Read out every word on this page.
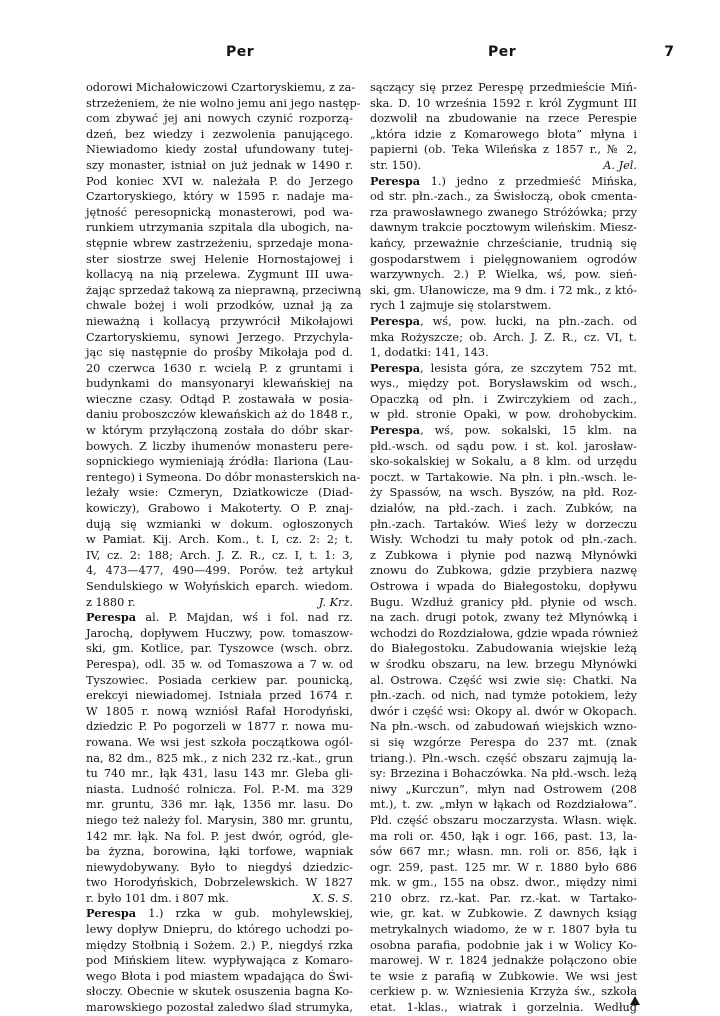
Per	Per	7
odorowi Michałowiczowi Czartoryskiemu, z za-
strzeżeniem, że nie wolno jemu ani jego następ-
com zbywać jej ani nowych czynić rozporzą-
dzeń, bez wiedzy i zezwolenia panującego.
Niewiadomo kiedy został ufundowany tutej-
szy monaster, istniał on już jednak w 1490 r.
Pod koniec XVI w. należała P. do Jerzego
Czartoryskiego, który w 1595 r. nadaje ma-
jętność peresopnicką monasterowi, pod wa-
runkiem utrzymania szpitala dla ubogich, na-
stępnie wbrew zastrzeżeniu, sprzedaje mona-
ster siostrze swej Helenie Hornostajowej i
kollacyą na nią przelewa. Zygmunt III uwa-
żając sprzedaż takową za nieprawną, przeciwną
chwale bożej i woli przodków, uznał ją za
nieważną i kollacyą przywrócił Mikołajowi
Czartoryskiemu, synowi Jerzego. Przychyla-
jąc się następnie do prośby Mikołaja pod d.
20 czerwca 1630 r. wcielą P. z gruntami i
budynkami do mansyonaryi klewańskiej na
wieczne czasy. Odtąd P. zostawała w posia-
daniu proboszczów klewańskich aż do 1848 r.,
w którym przyłączoną została do dóbr skar-
bowych. Z liczby ihumenów monasteru pere-
sopnickiego wymieniają źródła: Ilariona (Lau-
rentego) i Symeona. Do dóbr monasterskich na-
leżały wsie: Czmeryn, Dziatkowicze (Diad-
kowiczy), Grabowo i Makoterty. O P. znaj-
dują się wzmianki w dokum. ogłoszonych
w Pamiat. Kij. Arch. Kom., t. I, cz. 2: 2; t.
IV, cz. 2: 188; Arch. J. Z. R., cz. I, t. 1: 3,
4, 473—477, 490—499. Porów. też artykuł
Sendulskiego w Wołyńskich eparch. wiedom.
z 1880 r.	J. Krz.
Perespa al. P. Majdan, wś i fol. nad rz.
Jarochą, dopływem Huczwy, pow. tomaszow-
ski, gm. Kotlice, par. Tyszowce (wsch. obrz.
Perespa), odl. 35 w. od Tomaszowa a 7 w. od
Tyszowiec. Posiada cerkiew par. pounicką,
erekcyi niewiadomej. Istniała przed 1674 r.
W 1805 r. nową wzniósł Rafał Horodyński,
dziedzic P. Po pogorzeli w 1877 r. nowa mu-
rowana. We wsi jest szkoła początkowa ogól-
na, 82 dm., 825 mk., z nich 232 rz.-kat., grun
tu 740 mr., łąk 431, lasu 143 mr. Gleba gli-
niasta. Ludność rolnicza. Fol. P.-M. ma 329
mr. gruntu, 336 mr. łąk, 1356 mr. lasu. Do
niego też należy fol. Marysin, 380 mr. gruntu,
142 mr. łąk. Na fol. P. jest dwór, ogród, gle-
ba żyzna, borowina, łąki torfowe, wapniak
niewydobywany. Było to niegdyś dziedzic-
two Horodyńskich, Dobrzelewskich. W 1827
r. było 101 dm. i 807 mk.	X. S. S.
Perespa 1.) rzka w gub. mohylewskiej,
lewy dopływ Dniepru, do którego uchodzi po-
między Stołbnią i Sożem. 2.) P., niegdyś rzka
pod Mińskiem litew. wypływająca z Komaro-
wego Błota i pod miastem wpadająca do Świ-
słoczy. Obecnie w skutek osuszenia bagna Ko-
marowskiego pozostał zaledwo ślad strumyka,
sączący się przez Perespę przedmieście Miń-
ska. D. 10 września 1592 r. król Zygmunt III
dozwolił na zbudowanie na rzece Perespie
„która idzie z Komarowego błota” młyna i
papierni (ob. Teka Wileńska z 1857 r., № 2,
str. 150).	A. Jel.
Perespa 1.) jedno z przedmieść Mińska,
od str. płn.-zach., za Świsłoczą, obok cmenta-
rza prawosławnego zwanego Stróżówka; przy
dawnym trakcie pocztowym wileńskim. Miesz-
kańcy, przeważnie chrześcianie, trudnią się
gospodarstwem i pielęgnowaniem ogrodów
warzywnych. 2.) P. Wielka, wś, pow. sień-
ski, gm. Ułanowicze, ma 9 dm. i 72 mk., z któ-
rych 1 zajmuje się stolarstwem.
Perespa, wś, pow. łucki, na płn.-zach. od
mka Rożyszcze; ob. Arch. J. Z. R., cz. VI, t.
1, dodatki: 141, 143.
Perespa, lesista góra, ze szczytem 752 mt.
wys., między pot. Borysławskim od wsch.,
Opaczką od płn. i Zwirczykiem od zach.,
w płd. stronie Opaki, w pow. drohobyckim.
Perespa, wś, pow. sokalski, 15 klm. na
płd.-wsch. od sądu pow. i st. kol. jarosław-
sko-sokalskiej w Sokalu, a 8 klm. od urzędu
poczt. w Tartakowie. Na płn. i płn.-wsch. le-
ży Spassów, na wsch. Byszów, na płd. Roz-
działów, na płd.-zach. i zach. Zubków, na
płn.-zach. Tartaków. Wieś leży w dorzeczu
Wisły. Wchodzi tu mały potok od płn.-zach.
z Zubkowa i płynie pod nazwą Młynówki
znowu do Zubkowa, gdzie przybiera nazwę
Ostrowa i wpada do Białegostoku, dopływu
Bugu. Wzdłuż granicy płd. płynie od wsch.
na zach. drugi potok, zwany też Młynówką i
wchodzi do Rozdziałowa, gdzie wpada również
do Białegostoku. Zabudowania wiejskie leżą
w środku obszaru, na lew. brzegu Młynówki
al. Ostrowa. Część wsi zwie się: Chatki. Na
płn.-zach. od nich, nad tymże potokiem, leży
dwór i część wsi: Okopy al. dwór w Okopach.
Na płn.-wsch. od zabudowań wiejskich wzno-
si się wzgórze Perespa do 237 mt. (znak
triang.). Płn.-wsch. część obszaru zajmują la-
sy: Brzezina i Bohaczówka. Na płd.-wsch. leżą
niwy „Kurczun”, młyn nad Ostrowem (208
mt.), t. zw. „młyn w łąkach od Rozdziałowa”.
Płd. część obszaru moczarzysta. Własn. więk.
ma roli or. 450, łąk i ogr. 166, past. 13, la-
sów 667 mr.; własn. mn. roli or. 856, łąk i
ogr. 259, past. 125 mr. W r. 1880 było 686
mk. w gm., 155 na obsz. dwor., między nimi
210 obrz. rz.-kat. Par. rz.-kat. w Tartako-
wie, gr. kat. w Zubkowie. Z dawnych ksiąg
metrykalnych wiadomo, że w r. 1807 była tu
osobna parafia, podobnie jak i w Wolicy Ko-
marowej. W r. 1824 jednakże połączono obie
te wsie z parafią w Zubkowie. We wsi jest
cerkiew p. w. Wzniesienia Krzyża św., szkoła
etat. 1-klas., wiatrak i gorzelnia. Według
